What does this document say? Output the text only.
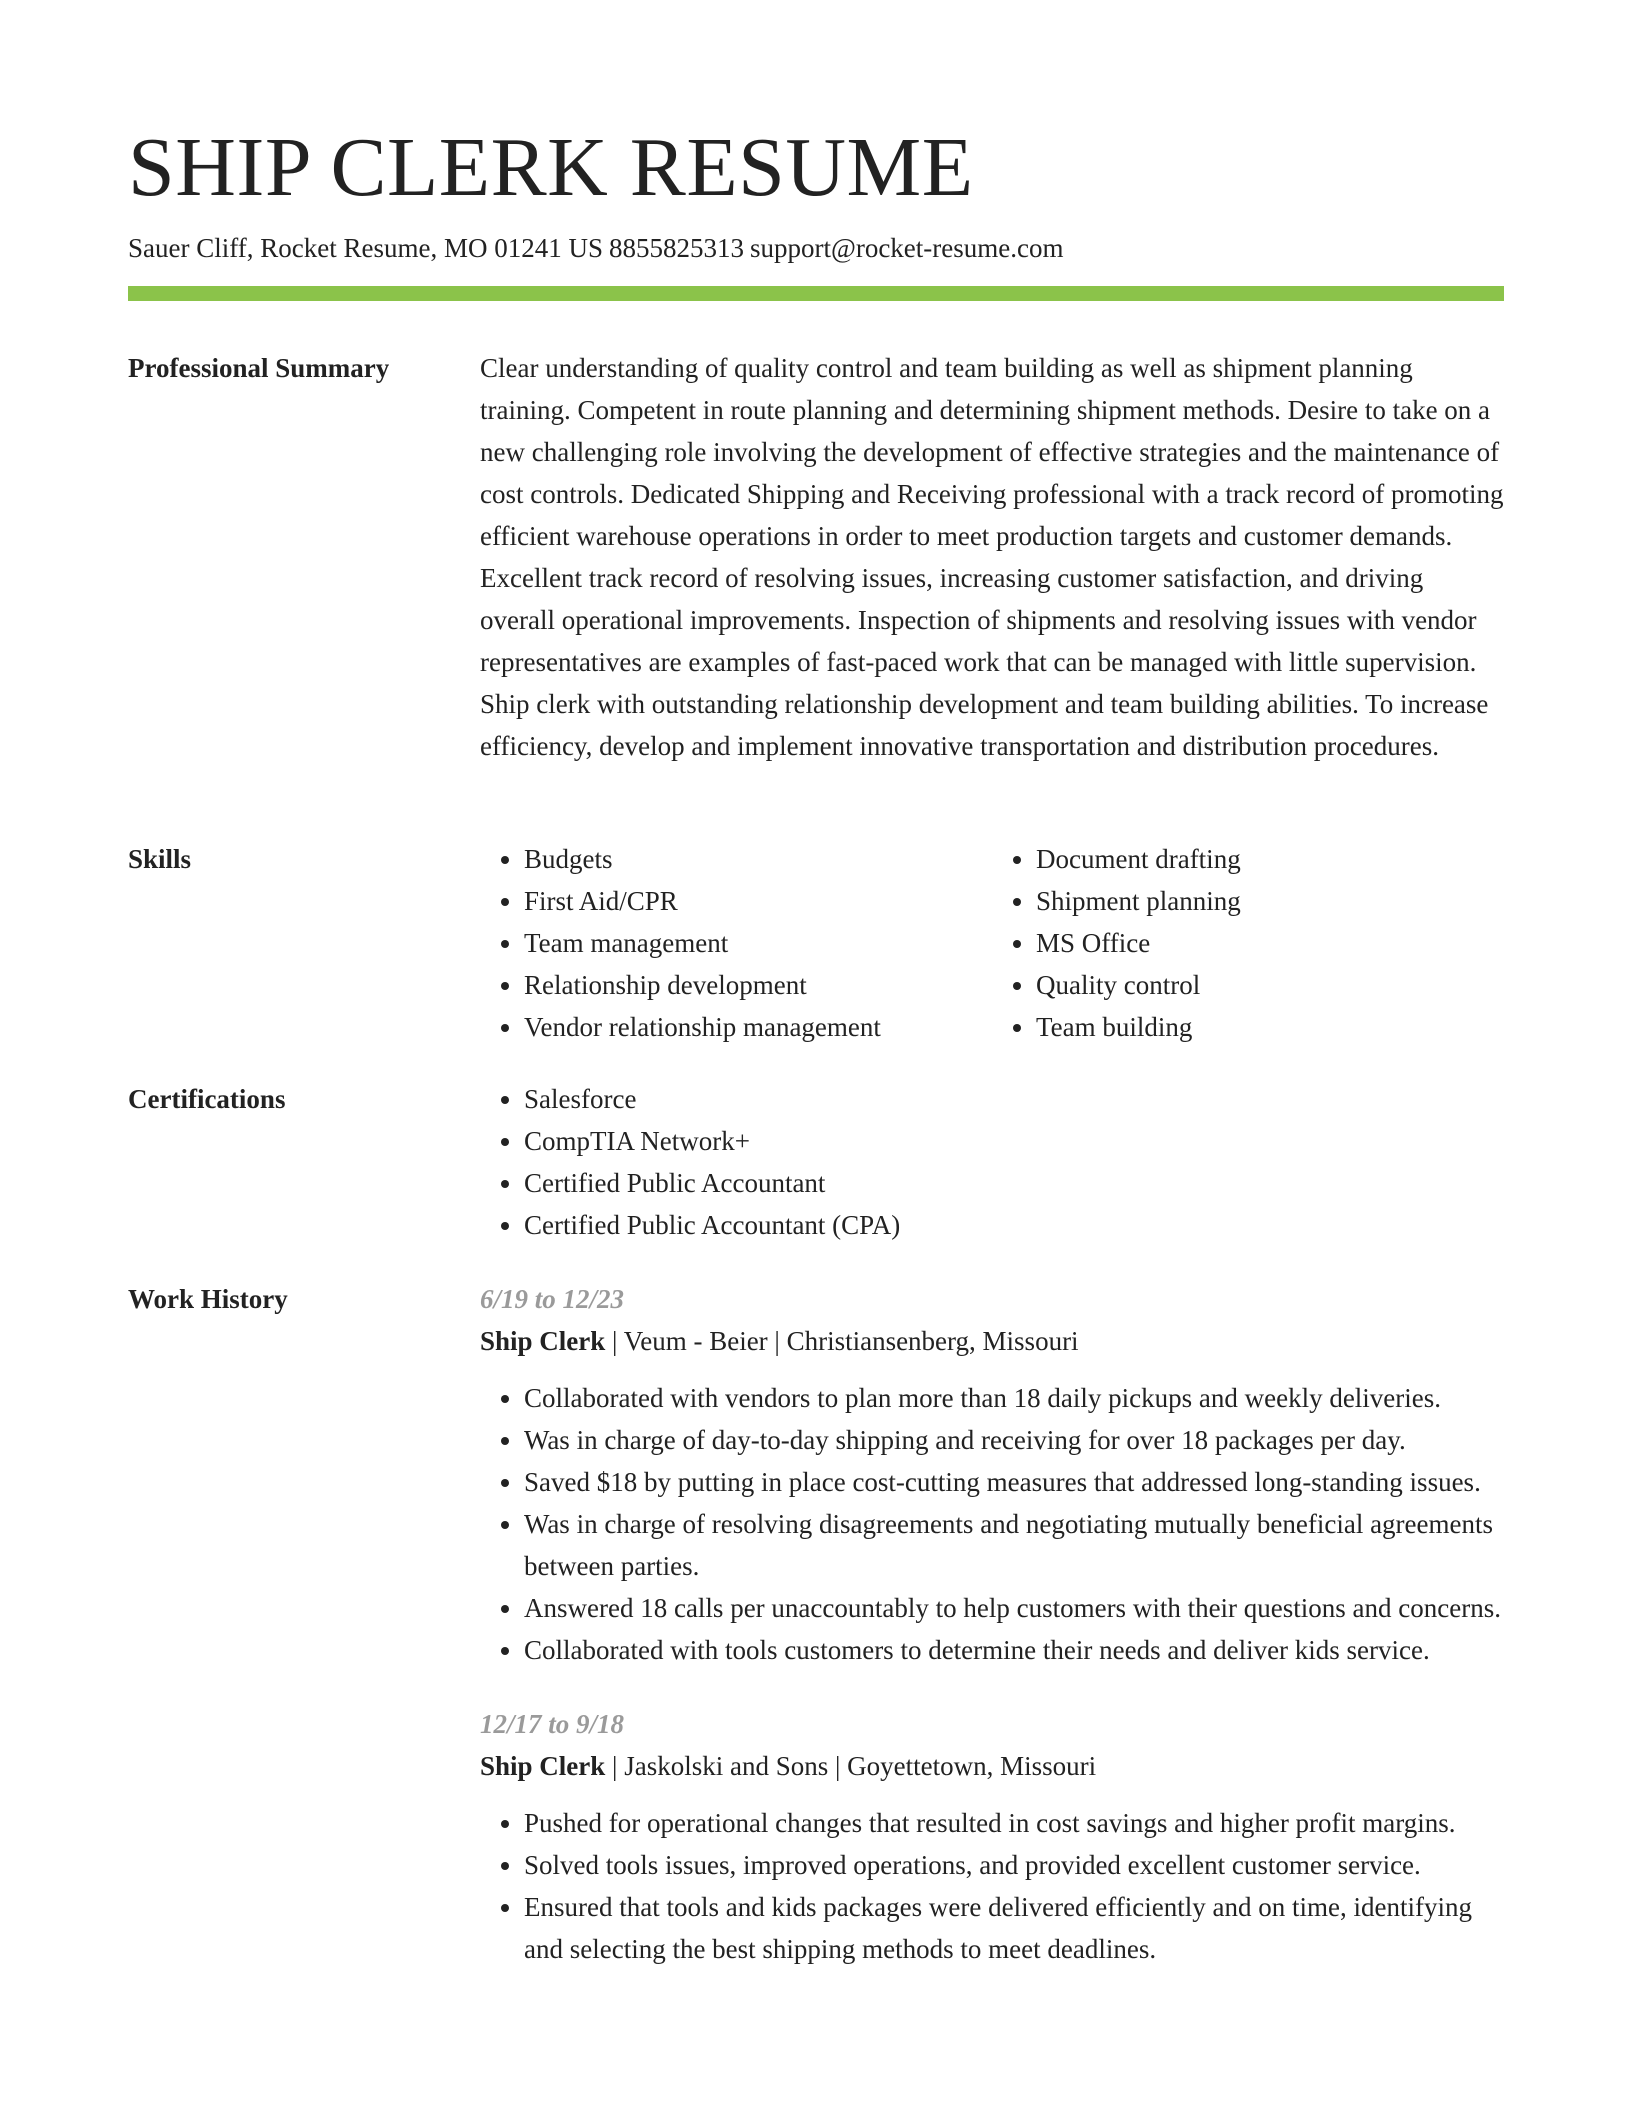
SHIP CLERK RESUME
Sauer Cliff, Rocket Resume, MO 01241 US 8855825313 support@rocket-resume.com
Professional Summary	Clear understanding of quality control and team building as well as shipment planning training. Competent in route planning and determining shipment methods. Desire to take on a new challenging role involving the development of effective strategies and the maintenance of cost controls. Dedicated Shipping and Receiving professional with a track record of promoting efficient warehouse operations in order to meet production targets and customer demands. Excellent track record of resolving issues, increasing customer satisfaction, and driving overall operational improvements. Inspection of shipments and resolving issues with vendor representatives are examples of fast-paced work that can be managed with little supervision. Ship clerk with outstanding relationship development and team building abilities. To increase efficiency, develop and implement innovative transportation and distribution procedures.

Skills	• Budgets
• First Aid/CPR
• Team management
• Relationship development
• Vendor relationship management
• Document drafting
• Shipment planning
• MS Office
• Quality control
• Team building
Certifications	• Salesforce
• CompTIA Network+
• Certified Public Accountant
• Certified Public Accountant (CPA)
Work History	6/19 to 12/23
Ship Clerk | Veum - Beier | Christiansenberg, Missouri
• Collaborated with vendors to plan more than 18 daily pickups and weekly deliveries.
• Was in charge of day-to-day shipping and receiving for over 18 packages per day.
• Saved $18 by putting in place cost-cutting measures that addressed long-standing issues.
• Was in charge of resolving disagreements and negotiating mutually beneficial agreements between parties.
• Answered 18 calls per unaccountably to help customers with their questions and concerns.
• Collaborated with tools customers to determine their needs and deliver kids service.
12/17 to 9/18
Ship Clerk | Jaskolski and Sons | Goyettetown, Missouri
• Pushed for operational changes that resulted in cost savings and higher profit margins.
• Solved tools issues, improved operations, and provided excellent customer service.
• Ensured that tools and kids packages were delivered efficiently and on time, identifying and selecting the best shipping methods to meet deadlines.
